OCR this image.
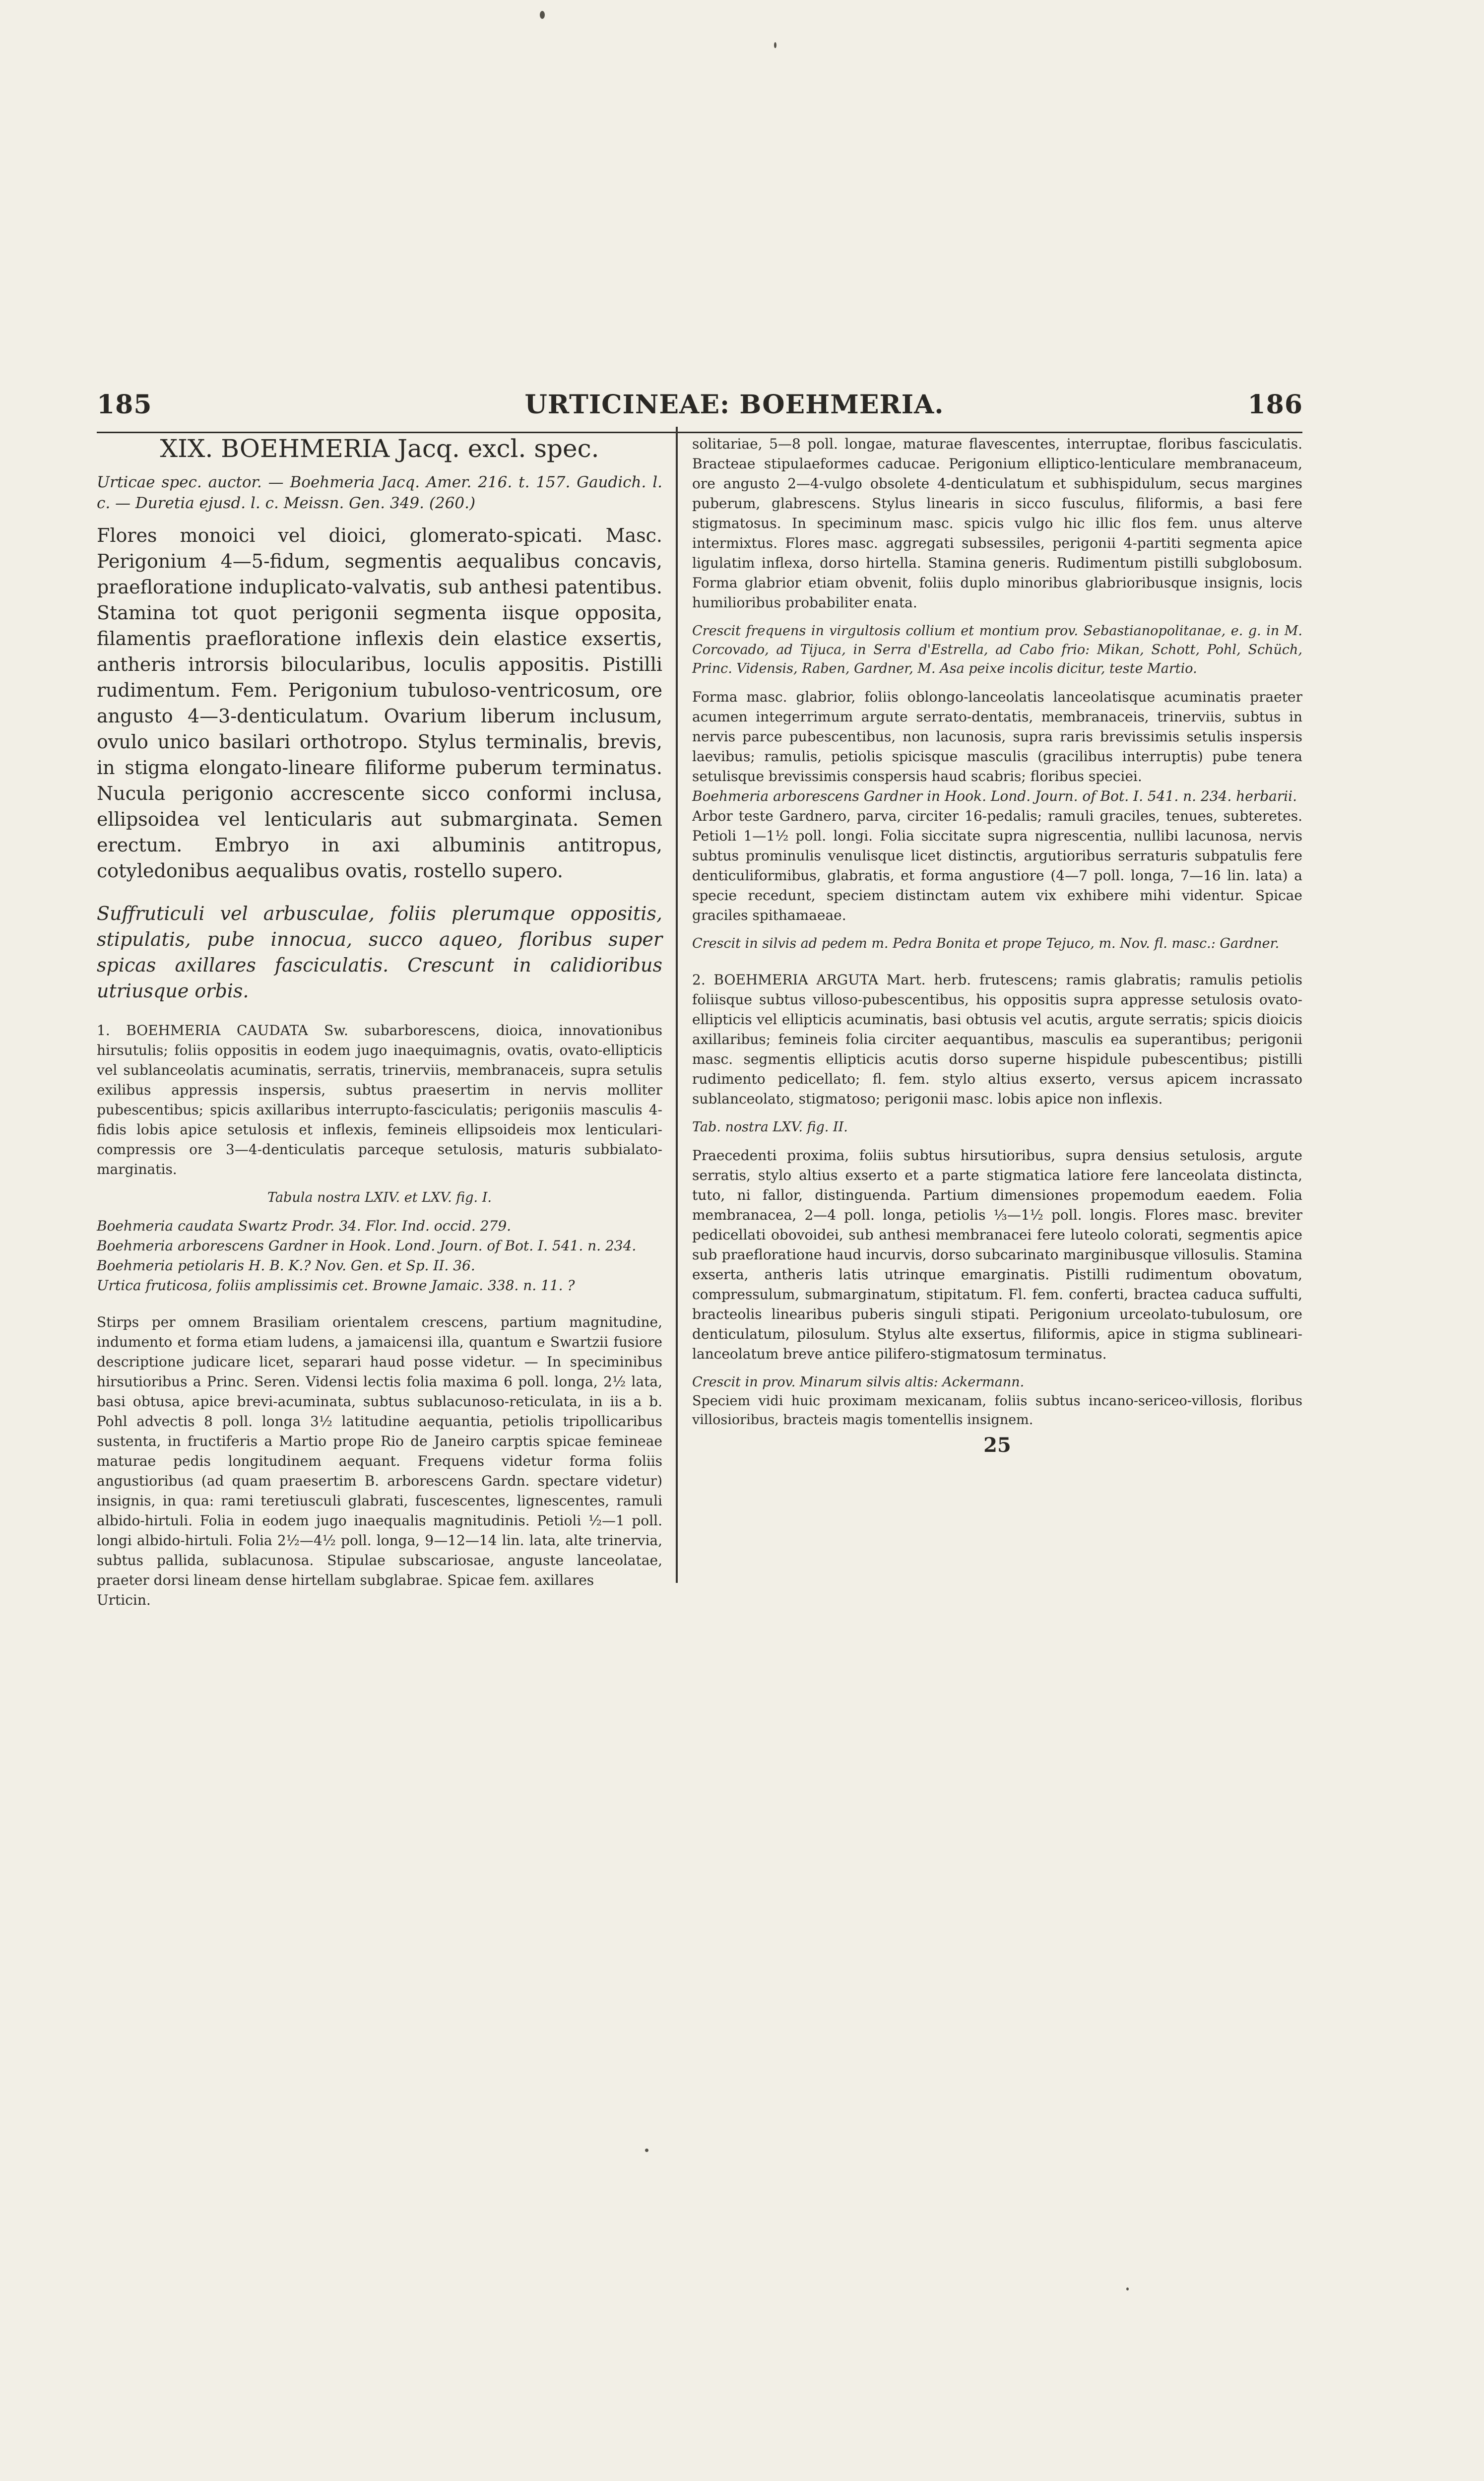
185	URTICINEAE: BOEHMERIA.	186
XIX. BOEHMERIA Jacq. excl. spec.

Urticae spec. auctor. — Boehmeria Jacq. Amer. 216. t. 157. Gaudich. l. c. — Duretia ejusd. l. c. Meissn. Gen. 349. (260.)

Flores monoici vel dioici, glomerato-spicati. Masc. Perigonium 4—5-fidum, segmentis aequalibus concavis, praefloratione induplicato-valvatis, sub anthesi patentibus. Stamina tot quot perigonii segmenta iisque opposita, filamentis praefloratione inflexis dein elastice exsertis, antheris introrsis bilocularibus, loculis appositis. Pistilli rudimentum. Fem. Perigonium tubuloso-ventricosum, ore angusto 4—3-denticulatum. Ovarium liberum inclusum, ovulo unico basilari orthotropo. Stylus terminalis, brevis, in stigma elongato-lineare filiforme puberum terminatus. Nucula perigonio accrescente sicco conformi inclusa, ellipsoidea vel lenticularis aut submarginata. Semen erectum. Embryo in axi albuminis antitropus, cotyledonibus aequalibus ovatis, rostello supero.

Suffruticuli vel arbusculae, foliis plerumque oppositis, stipulatis, pube innocua, succo aqueo, floribus super spicas axillares fasciculatis. Crescunt in calidioribus utriusque orbis.

1. BOEHMERIA CAUDATA Sw. subarborescens, dioica, innovationibus hirsutulis; foliis oppositis in eodem jugo inaequimagnis, ovatis, ovato-ellipticis vel sublanceolatis acuminatis, serratis, trinerviis, membranaceis, supra setulis exilibus appressis inspersis, subtus praesertim in nervis molliter pubescentibus; spicis axillaribus interrupto-fasciculatis; perigoniis masculis 4-fidis lobis apice setulosis et inflexis, femineis ellipsoideis mox lenticulari-compressis ore 3—4-denticulatis parceque setulosis, maturis subbialato-marginatis.

Tabula nostra LXIV. et LXV. fig. I.

Boehmeria caudata Swartz Prodr. 34. Flor. Ind. occid. 279.

Boehmeria arborescens Gardner in Hook. Lond. Journ. of Bot. I. 541. n. 234.

Boehmeria petiolaris H. B. K.? Nov. Gen. et Sp. II. 36.

Urtica fruticosa, foliis amplissimis cet. Browne Jamaic. 338. n. 11. ?

Stirps per omnem Brasiliam orientalem crescens, partium magnitudine, indumento et forma etiam ludens, a jamaicensi illa, quantum e Swartzii fusiore descriptione judicare licet, separari haud posse videtur. — In speciminibus hirsutioribus a Princ. Seren. Vidensi lectis folia maxima 6 poll. longa, 2½ lata, basi obtusa, apice brevi-acuminata, subtus sublacunoso-reticulata, in iis a b. Pohl advectis 8 poll. longa 3½ latitudine aequantia, petiolis tripollicaribus sustenta, in fructiferis a Martio prope Rio de Janeiro carptis spicae femineae maturae pedis longitudinem aequant. Frequens videtur forma foliis angustioribus (ad quam praesertim B. arborescens Gardn. spectare videtur) insignis, in qua: rami teretiusculi glabrati, fuscescentes, lignescentes, ramuli albido-hirtuli. Folia in eodem jugo inaequalis magnitudinis. Petioli ½—1 poll. longi albido-hirtuli. Folia 2½—4½ poll. longa, 9—12—14 lin. lata, alte trinervia, subtus pallida, sublacunosa. Stipulae subscariosae, anguste lanceolatae, praeter dorsi lineam dense hirtellam subglabrae. Spicae fem. axillares

Urticin.

solitariae, 5—8 poll. longae, maturae flavescentes, interruptae, floribus fasciculatis. Bracteae stipulaeformes caducae. Perigonium elliptico-lenticulare membranaceum, ore angusto 2—4-vulgo obsolete 4-denticulatum et subhispidulum, secus margines puberum, glabrescens. Stylus linearis in sicco fusculus, filiformis, a basi fere stigmatosus. In speciminum masc. spicis vulgo hic illic flos fem. unus alterve intermixtus. Flores masc. aggregati subsessiles, perigonii 4-partiti segmenta apice ligulatim inflexa, dorso hirtella. Stamina generis. Rudimentum pistilli subglobosum. Forma glabrior etiam obvenit, foliis duplo minoribus glabrioribusque insignis, locis humilioribus probabiliter enata.

Crescit frequens in virgultosis collium et montium prov. Sebastianopolitanae, e. g. in M. Corcovado, ad Tijuca, in Serra d'Estrella, ad Cabo frio: Mikan, Schott, Pohl, Schüch, Princ. Vidensis, Raben, Gardner, M. Asa peixe incolis dicitur, teste Martio.

Forma masc. glabrior, foliis oblongo-lanceolatis lanceolatisque acuminatis praeter acumen integerrimum argute serrato-dentatis, membranaceis, trinerviis, subtus in nervis parce pubescentibus, non lacunosis, supra raris brevissimis setulis inspersis laevibus; ramulis, petiolis spicisque masculis (gracilibus interruptis) pube tenera setulisque brevissimis conspersis haud scabris; floribus speciei.

Boehmeria arborescens Gardner in Hook. Lond. Journ. of Bot. I. 541. n. 234. herbarii.

Arbor teste Gardnero, parva, circiter 16-pedalis; ramuli graciles, tenues, subteretes. Petioli 1—1½ poll. longi. Folia siccitate supra nigrescentia, nullibi lacunosa, nervis subtus prominulis venulisque licet distinctis, argutioribus serraturis subpatulis fere denticuliformibus, glabratis, et forma angustiore (4—7 poll. longa, 7—16 lin. lata) a specie recedunt, speciem distinctam autem vix exhibere mihi videntur. Spicae graciles spithamaeae.

Crescit in silvis ad pedem m. Pedra Bonita et prope Tejuco, m. Nov. fl. masc.: Gardner.

2. BOEHMERIA ARGUTA Mart. herb. frutescens; ramis glabratis; ramulis petiolis foliisque subtus villoso-pubescentibus, his oppositis supra appresse setulosis ovato-ellipticis vel ellipticis acuminatis, basi obtusis vel acutis, argute serratis; spicis dioicis axillaribus; femineis folia circiter aequantibus, masculis ea superantibus; perigonii masc. segmentis ellipticis acutis dorso superne hispidule pubescentibus; pistilli rudimento pedicellato; fl. fem. stylo altius exserto, versus apicem incrassato sublanceolato, stigmatoso; perigonii masc. lobis apice non inflexis.

Tab. nostra LXV. fig. II.

Praecedenti proxima, foliis subtus hirsutioribus, supra densius setulosis, argute serratis, stylo altius exserto et a parte stigmatica latiore fere lanceolata distincta, tuto, ni fallor, distinguenda. Partium dimensiones propemodum eaedem. Folia membranacea, 2—4 poll. longa, petiolis ⅓—1½ poll. longis. Flores masc. breviter pedicellati obovoidei, sub anthesi membranacei fere luteolo colorati, segmentis apice sub praefloratione haud incurvis, dorso subcarinato marginibusque villosulis. Stamina exserta, antheris latis utrinque emarginatis. Pistilli rudimentum obovatum, compressulum, submarginatum, stipitatum. Fl. fem. conferti, bractea caduca suffulti, bracteolis linearibus puberis singuli stipati. Perigonium urceolato-tubulosum, ore denticulatum, pilosulum. Stylus alte exsertus, filiformis, apice in stigma sublineari-lanceolatum breve antice pilifero-stigmatosum terminatus.

Crescit in prov. Minarum silvis altis: Ackermann.

Speciem vidi huic proximam mexicanam, foliis subtus incano-sericeo-villosis, floribus villosioribus, bracteis magis tomentellis insignem.

25
